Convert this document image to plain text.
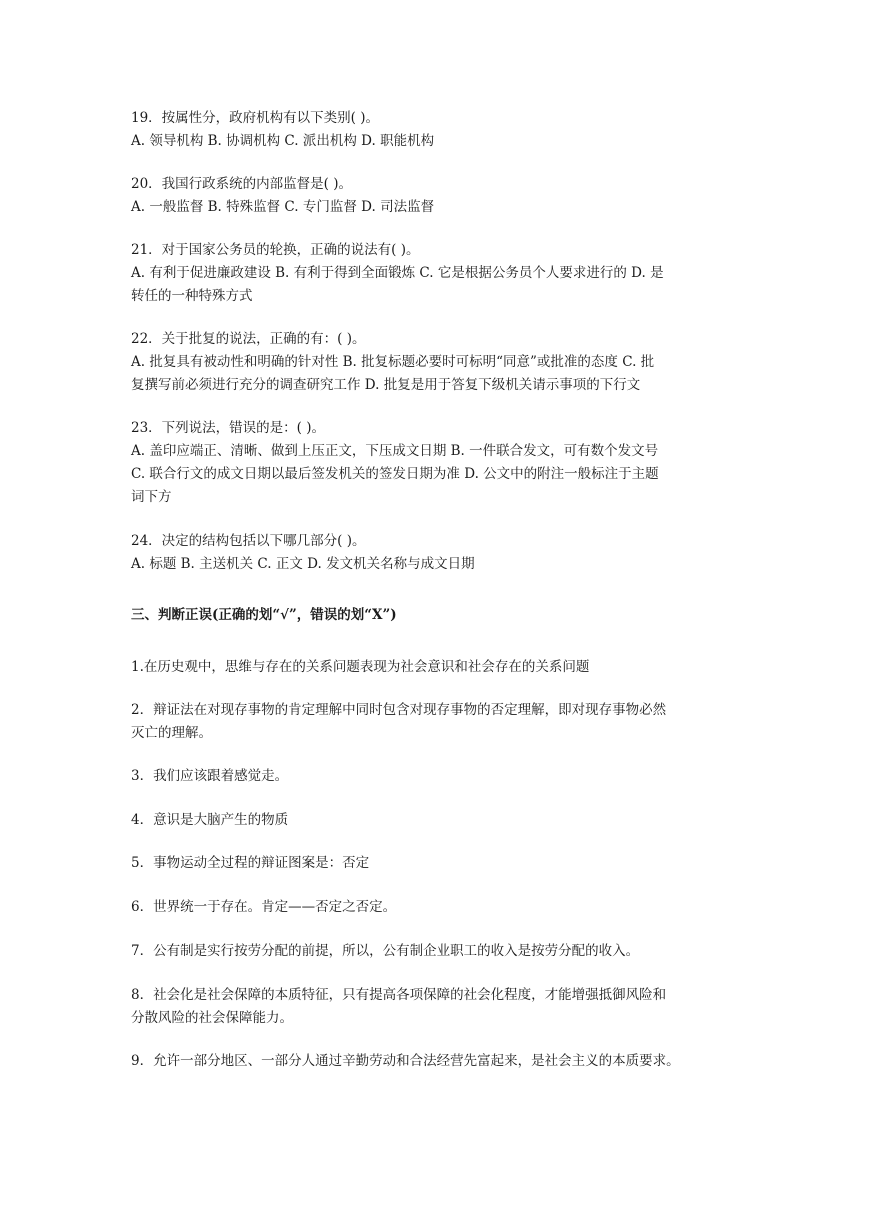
19．按属性分，政府机构有以下类别( )。

A. 领导机构 B. 协调机构 C. 派出机构 D. 职能机构

20．我国行政系统的内部监督是( )。

A. 一般监督 B. 特殊监督 C. 专门监督 D. 司法监督

21．对于国家公务员的轮换，正确的说法有( )。

A. 有利于促进廉政建设 B. 有利于得到全面锻炼 C. 它是根据公务员个人要求进行的 D. 是

转任的一种特殊方式

22．关于批复的说法，正确的有：( )。

A. 批复具有被动性和明确的针对性 B. 批复标题必要时可标明“同意”或批准的态度 C. 批

复撰写前必须进行充分的调查研究工作 D. 批复是用于答复下级机关请示事项的下行文

23．下列说法，错误的是：( )。

A. 盖印应端正、清晰、做到上压正文，下压成文日期 B. 一件联合发文，可有数个发文号

C. 联合行文的成文日期以最后签发机关的签发日期为准 D. 公文中的附注一般标注于主题

词下方

24．决定的结构包括以下哪几部分( )。

A. 标题 B. 主送机关 C. 正文 D. 发文机关名称与成文日期

三、判断正误(正确的划“√”，错误的划“X”)

1.在历史观中，思维与存在的关系问题表现为社会意识和社会存在的关系问题

2．辩证法在对现存事物的肯定理解中同时包含对现存事物的否定理解，即对现存事物必然

灭亡的理解。

3．我们应该跟着感觉走。

4．意识是大脑产生的物质

5．事物运动全过程的辩证图案是：否定

6．世界统一于存在。肯定——否定之否定。

7．公有制是实行按劳分配的前提，所以，公有制企业职工的收入是按劳分配的收入。

8．社会化是社会保障的本质特征，只有提高各项保障的社会化程度，才能增强抵御风险和

分散风险的社会保障能力。

9．允许一部分地区、一部分人通过辛勤劳动和合法经营先富起来，是社会主义的本质要求。
